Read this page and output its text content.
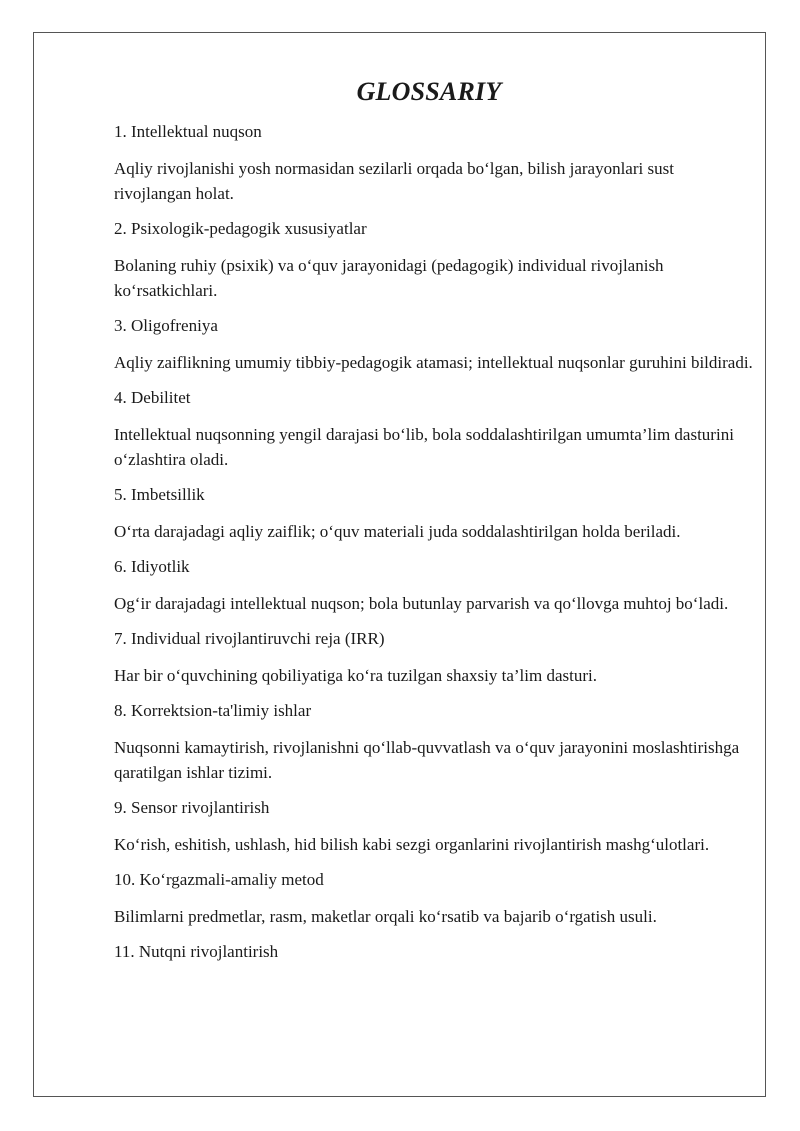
GLOSSARIY
1. Intellektual nuqson
Aqliy rivojlanishi yosh normasidan sezilarli orqada bo‘lgan, bilish jarayonlari sust rivojlangan holat.
2. Psixologik-pedagogik xususiyatlar
Bolaning ruhiy (psixik) va o‘quv jarayonidagi (pedagogik) individual rivojlanish ko‘rsatkichlari.
3. Oligofreniya
Aqliy zaiflikning umumiy tibbiy-pedagogik atamasi; intellektual nuqsonlar guruhini bildiradi.
4. Debilitet
Intellektual nuqsonning yengil darajasi bo‘lib, bola soddalashtirilgan umumta’lim dasturini o‘zlashtira oladi.
5. Imbetsillik
O‘rta darajadagi aqliy zaiflik; o‘quv materiali juda soddalashtirilgan holda beriladi.
6. Idiyotlik
Og‘ir darajadagi intellektual nuqson; bola butunlay parvarish va qo‘llovga muhtoj bo‘ladi.
7. Individual rivojlantiruvchi reja (IRR)
Har bir o‘quvchining qobiliyatiga ko‘ra tuzilgan shaxsiy ta’lim dasturi.
8. Korrektsion-ta'limiy ishlar
Nuqsonni kamaytirish, rivojlanishni qo‘llab-quvvatlash va o‘quv jarayonini moslashtirishga qaratilgan ishlar tizimi.
9. Sensor rivojlantirish
Ko‘rish, eshitish, ushlash, hid bilish kabi sezgi organlarini rivojlantirish mashg‘ulotlari.
10. Ko‘rgazmali-amaliy metod
Bilimlarni predmetlar, rasm, maketlar orqali ko‘rsatib va bajarib o‘rgatish usuli.
11. Nutqni rivojlantirish
